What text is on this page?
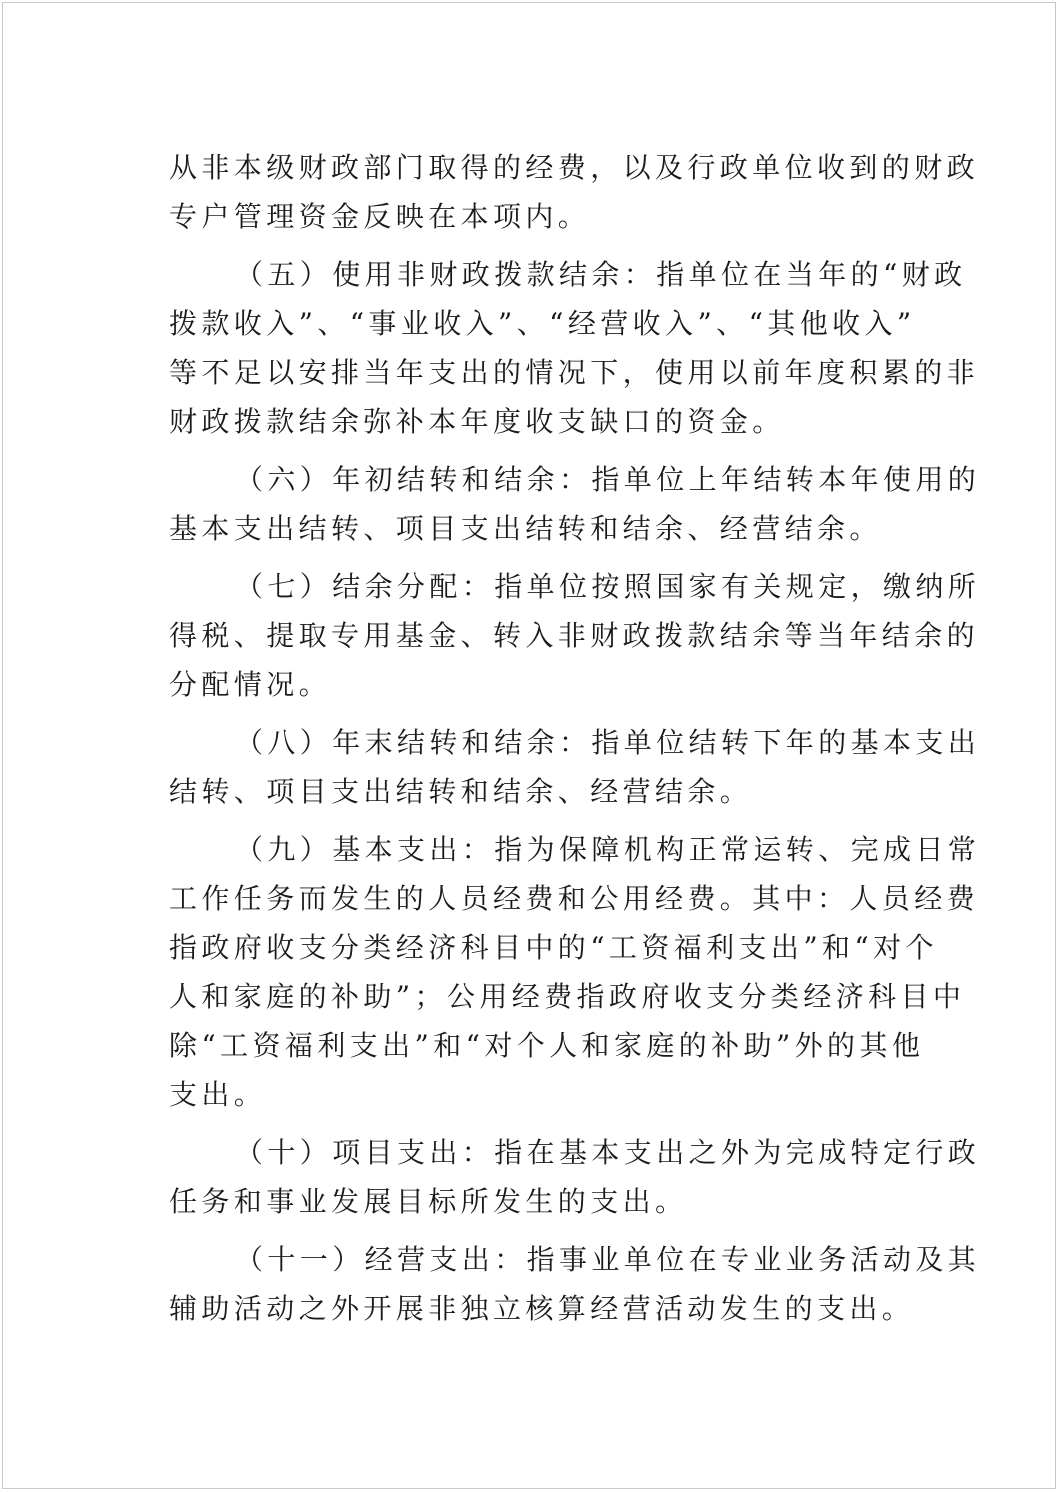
从非本级财政部门取得的经费，以及行政单位收到的财政

专户管理资金反映在本项内。

（五）使用非财政拨款结余：指单位在当年的“财政

拨款收入”、“事业收入”、“经营收入”、“其他收入”

等不足以安排当年支出的情况下，使用以前年度积累的非

财政拨款结余弥补本年度收支缺口的资金。

（六）年初结转和结余：指单位上年结转本年使用的

基本支出结转、项目支出结转和结余、经营结余。

（七）结余分配：指单位按照国家有关规定，缴纳所

得税、提取专用基金、转入非财政拨款结余等当年结余的

分配情况。

（八）年末结转和结余：指单位结转下年的基本支出

结转、项目支出结转和结余、经营结余。

（九）基本支出：指为保障机构正常运转、完成日常

工作任务而发生的人员经费和公用经费。其中：人员经费

指政府收支分类经济科目中的“工资福利支出”和“对个

人和家庭的补助”；公用经费指政府收支分类经济科目中

除“工资福利支出”和“对个人和家庭的补助”外的其他

支出。

（十）项目支出：指在基本支出之外为完成特定行政

任务和事业发展目标所发生的支出。

（十一）经营支出：指事业单位在专业业务活动及其

辅助活动之外开展非独立核算经营活动发生的支出。
